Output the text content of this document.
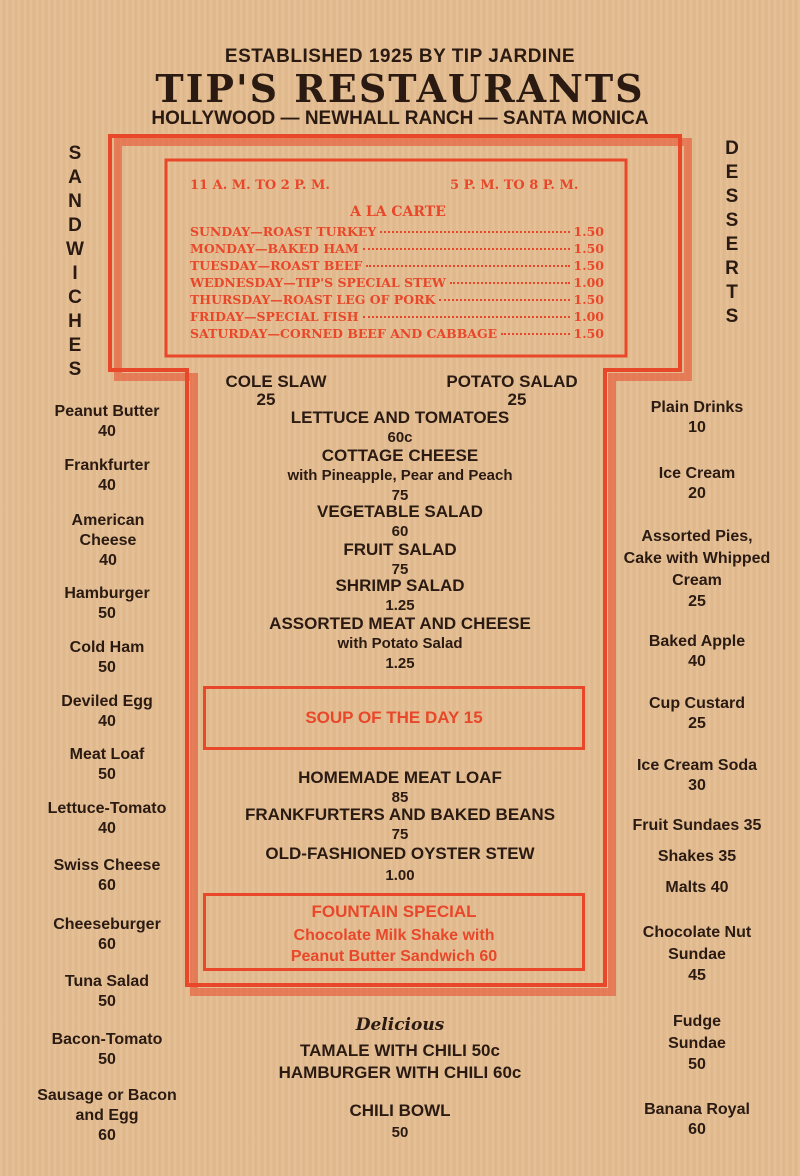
ESTABLISHED 1925 BY TIP JARDINE
TIP'S RESTAURANTS
HOLLYWOOD — NEWHALL RANCH — SANTA MONICA
S
A
N
D
W
I
C
H
E
S
D
E
S
S
E
R
T
S
11 A. M. TO 2 P. M.	5 P. M. TO 8 P. M.
A LA CARTE
SUNDAY—ROAST TURKEY	1.50
MONDAY—BAKED HAM	1.50
TUESDAY—ROAST BEEF	1.50
WEDNESDAY—TIP'S SPECIAL STEW	1.00
THURSDAY—ROAST LEG OF PORK	1.50
FRIDAY—SPECIAL FISH	1.00
SATURDAY—CORNED BEEF AND CABBAGE	1.50
Peanut Butter
40
Frankfurter
40
American Cheese
40
Hamburger
50
Cold Ham
50
Deviled Egg
40
Meat Loaf
50
Lettuce-Tomato
40
Swiss Cheese
60
Cheeseburger
60
Tuna Salad
50
Bacon-Tomato
50
Sausage or Bacon and Egg
60
Plain Drinks
10
Ice Cream
20
Assorted Pies, Cake with Whipped Cream
25
Baked Apple
40
Cup Custard
25
Ice Cream Soda
30
Fruit Sundaes 35
Shakes 35
Malts 40
Chocolate Nut Sundae
45
Fudge Sundae
50
Banana Royal
60
COLE SLAW
25
POTATO SALAD
25
LETTUCE AND TOMATOES
60c
COTTAGE CHEESE
with Pineapple, Pear and Peach
75
VEGETABLE SALAD
60
FRUIT SALAD
75
SHRIMP SALAD
1.25
ASSORTED MEAT AND CHEESE
with Potato Salad
1.25
SOUP OF THE DAY 15
HOMEMADE MEAT LOAF
85
FRANKFURTERS AND BAKED BEANS
75
OLD-FASHIONED OYSTER STEW
1.00
FOUNTAIN SPECIAL
Chocolate Milk Shake with
Peanut Butter Sandwich 60
Delicious
TAMALE WITH CHILI 50c
HAMBURGER WITH CHILI 60c
CHILI BOWL
50
